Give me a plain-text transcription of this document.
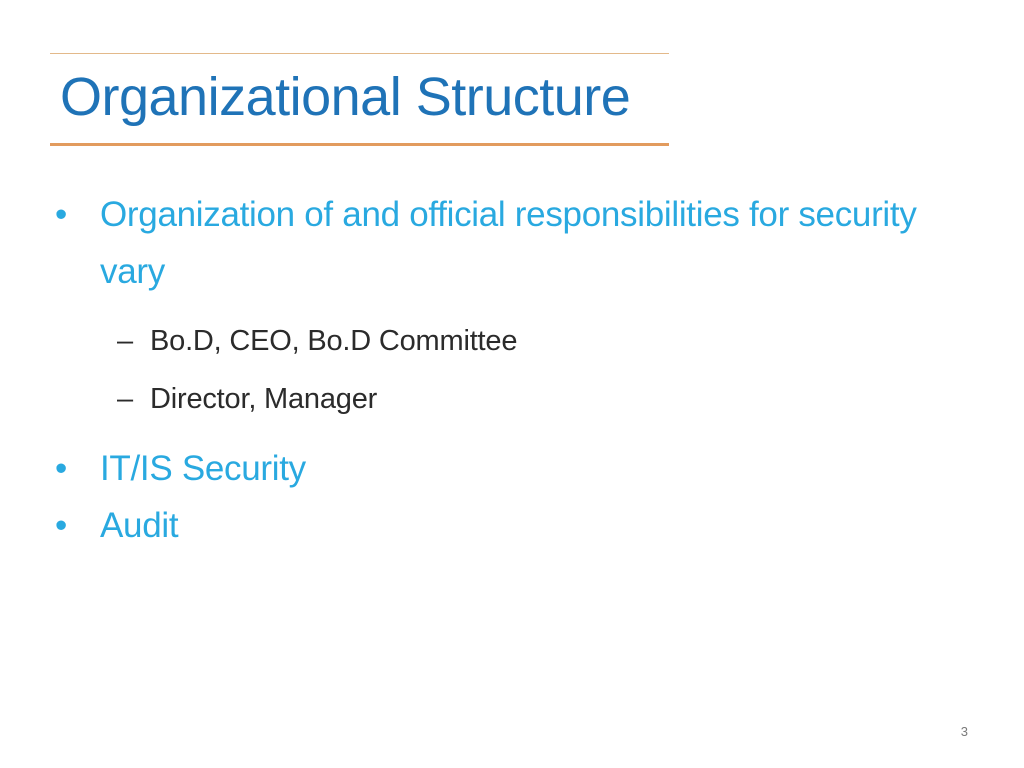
Organizational Structure
• Organization of and official responsibilities for security vary
– Bo.D, CEO, Bo.D Committee
– Director, Manager
• IT/IS Security
• Audit
3
